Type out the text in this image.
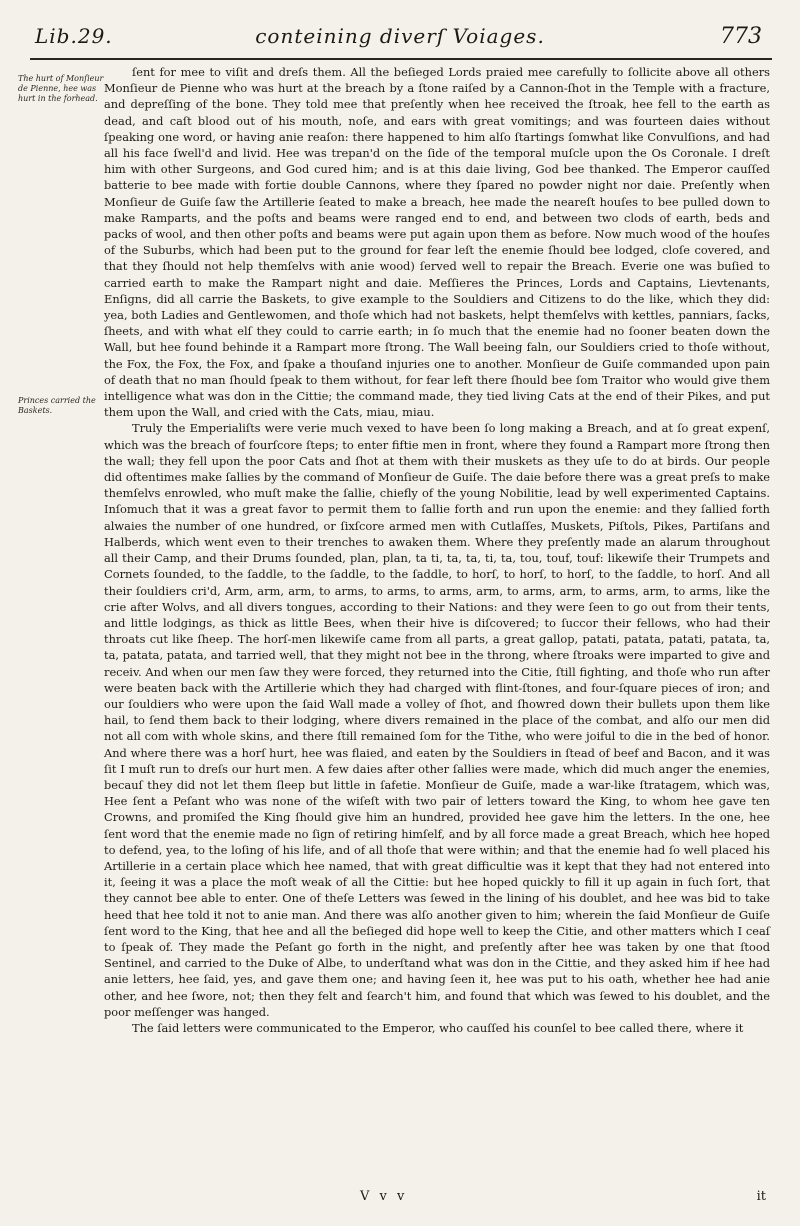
Lib.29.	conteining diverſ Voiages.	773
The hurt of Monſieur de Pienne, hee was hurt in the forhead.
Princes carried the Baskets.

ſent for mee to viſit and dreſs them. All the beſieged Lords praied mee carefully to ſollicite above all others Monſieur de Pienne who was hurt at the breach by a ſtone raiſed by a Cannon-ſhot in the Temple with a fracture, and depreſſing of the bone. They told mee that preſently when hee received the ſtroak, hee fell to the earth as dead, and caſt blood out of his mouth, noſe, and ears with great vomitings; and was fourteen daies without ſpeaking one word, or having anie reaſon: there happened to him alſo ſtartings ſomwhat like Convulſions, and had all his face ſwell'd and livid. Hee was trepan'd on the ſide of the temporal muſcle upon the Os Coronale. I dreſt him with other Surgeons, and God cured him; and is at this daie living, God bee thanked. The Emperor cauſſed batterie to bee made with fortie double Cannons, where they ſpared no powder night nor daie. Preſently when Monſieur de Guiſe ſaw the Artillerie ſeated to make a breach, hee made the neareſt houſes to bee pulled down to make Ramparts, and the poſts and beams were ranged end to end, and between two clods of earth, beds and packs of wool, and then other poſts and beams were put again upon them as before. Now much wood of the houſes of the Suburbs, which had been put to the ground for fear leſt the enemie ſhould bee lodged, cloſe covered, and that they ſhould not help themſelvs with anie wood) ſerved well to repair the Breach. Everie one was buſied to carried earth to make the Rampart night and daie. Meſſieres the Princes, Lords and Captains, Lievtenants, Enſigns, did all carrie the Baskets, to give example to the Souldiers and Citizens to do the like, which they did: yea, both Ladies and Gentlewomen, and thoſe which had not baskets, helpt themſelvs with kettles, panniars, ſacks, ſheets, and with what elſ they could to carrie earth; in ſo much that the enemie had no ſooner beaten down the Wall, but hee found behinde it a Rampart more ſtrong. The Wall beeing faln, our Souldiers cried to thoſe without, the Fox, the Fox, the Fox, and ſpake a thouſand injuries one to another. Monſieur de Guiſe commanded upon pain of death that no man ſhould ſpeak to them without, for fear left there ſhould bee ſom Traitor who would give them intelligence what was don in the Cittie; the command made, they tied living Cats at the end of their Pikes, and put them upon the Wall, and cried with the Cats, miau, miau.

Truly the Emperialiſts were verie much vexed to have been ſo long making a Breach, and at ſo great expenſ, which was the breach of fourſcore ſteps; to enter fiftie men in front, where they found a Rampart more ſtrong then the wall; they fell upon the poor Cats and ſhot at them with their muskets as they uſe to do at birds. Our people did oftentimes make ſallies by the command of Monſieur de Guiſe. The daie before there was a great preſs to make themſelvs enrowled, who muſt make the ſallie, chiefly of the young Nobilitie, lead by well experimented Captains. Inſomuch that it was a great favor to permit them to ſallie forth and run upon the enemie: and they ſallied forth alwaies the number of one hundred, or ſixſcore armed men with Cutlaſſes, Muskets, Piſtols, Pikes, Partiſans and Halberds, which went even to their trenches to awaken them. Where they preſently made an alarum throughout all their Camp, and their Drums ſounded, plan, plan, ta ti, ta, ta, ti, ta, tou, touf, touf: likewiſe their Trumpets and Cornets ſounded, to the ſaddle, to the ſaddle, to the ſaddle, to horſ, to horſ, to horſ, to the ſaddle, to horſ. And all their ſouldiers cri'd, Arm, arm, arm, to arms, to arms, to arms, arm, to arms, arm, to arms, arm, to arms, like the crie after Wolvs, and all divers tongues, according to their Nations: and they were ſeen to go out from their tents, and little lodgings, as thick as little Bees, when their hive is diſcovered; to ſuccor their fellows, who had their throats cut like ſheep. The horſ-men likewiſe came from all parts, a great gallop, patati, patata, patati, patata, ta, ta, patata, patata, and tarried well, that they might not bee in the throng, where ſtroaks were imparted to give and receiv. And when our men ſaw they were forced, they returned into the Citie, ſtill fighting, and thoſe who run after were beaten back with the Artillerie which they had charged with flint-ſtones, and four-ſquare pieces of iron; and our ſouldiers who were upon the ſaid Wall made a volley of ſhot, and ſhowred down their bullets upon them like hail, to ſend them back to their lodging, where divers remained in the place of the combat, and alſo our men did not all com with whole skins, and there ſtill remained ſom for the Tithe, who were joiful to die in the bed of honor. And where there was a horſ hurt, hee was flaied, and eaten by the Souldiers in ſtead of beef and Bacon, and it was ſit I muſt run to dreſs our hurt men. A few daies after other ſallies were made, which did much anger the enemies, becauſ they did not let them ſleep but little in ſafetie. Monſieur de Guiſe, made a war-like ſtratagem, which was, Hee ſent a Peſant who was none of the wiſeſt with two pair of letters toward the King, to whom hee gave ten Crowns, and promiſed the King ſhould give him an hundred, provided hee gave him the letters. In the one, hee ſent word that the enemie made no ſign of retiring himſelf, and by all force made a great Breach, which hee hoped to defend, yea, to the loſing of his life, and of all thoſe that were within; and that the enemie had ſo well placed his Artillerie in a certain place which hee named, that with great difficultie was it kept that they had not entered into it, ſeeing it was a place the moſt weak of all the Cittie: but hee hoped quickly to fill it up again in ſuch ſort, that they cannot bee able to enter. One of theſe Letters was ſewed in the lining of his doublet, and hee was bid to take heed that hee told it not to anie man. And there was alſo another given to him; wherein the ſaid Monſieur de Guiſe ſent word to the King, that hee and all the beſieged did hope well to keep the Citie, and other matters which I ceaſ to ſpeak of. They made the Peſant go forth in the night, and preſently after hee was taken by one that ſtood Sentinel, and carried to the Duke of Albe, to underſtand what was don in the Cittie, and they asked him if hee had anie letters, hee ſaid, yes, and gave them one; and having ſeen it, hee was put to his oath, whether hee had anie other, and hee ſwore, not; then they felt and ſearch't him, and found that which was ſewed to his doublet, and the poor meſſenger was hanged.

The ſaid letters were communicated to the Emperor, who cauſſed his counſel to bee called there, where it

V v v	it
